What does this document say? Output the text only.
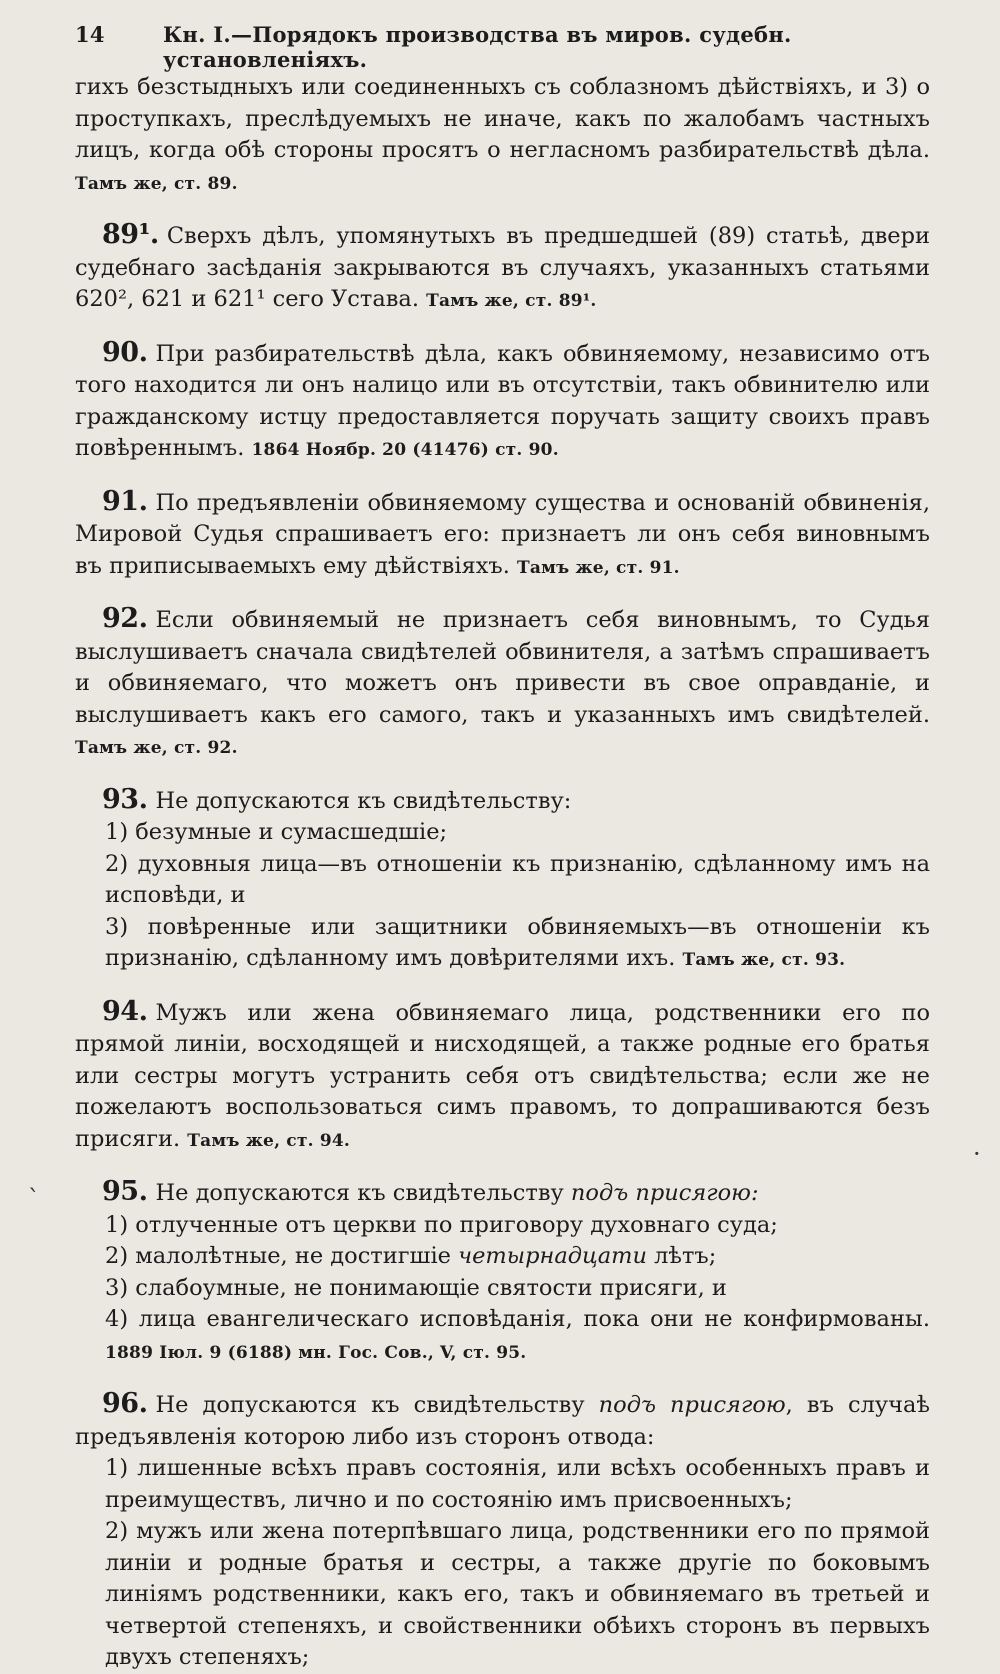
14	Кн. I.—Порядокъ производства въ миров. судебн. установленіяхъ.

гихъ безстыдныхъ или соединенныхъ съ соблазномъ дѣйствіяхъ, и 3) о проступкахъ, преслѣдуемыхъ не иначе, какъ по жалобамъ частныхъ лицъ, когда обѣ стороны просятъ о негласномъ разбирательствѣ дѣла. Тамъ же, ст. 89.

89¹. Сверхъ дѣлъ, упомянутыхъ въ предшедшей (89) статьѣ, двери судебнаго засѣданія закрываются въ случаяхъ, указанныхъ статьями 620², 621 и 621¹ сего Устава. Тамъ же, ст. 89¹.

90. При разбирательствѣ дѣла, какъ обвиняемому, независимо отъ того находится ли онъ налицо или въ отсутствіи, такъ обвинителю или гражданскому истцу предоставляется поручать защиту своихъ правъ повѣреннымъ. 1864 Ноябр. 20 (41476) ст. 90.

91. По предъявленіи обвиняемому существа и основаній обвиненія, Мировой Судья спрашиваетъ его: признаетъ ли онъ себя виновнымъ въ приписываемыхъ ему дѣйствіяхъ. Тамъ же, ст. 91.

92. Если обвиняемый не признаетъ себя виновнымъ, то Судья выслушиваетъ сначала свидѣтелей обвинителя, а затѣмъ спрашиваетъ и обвиняемаго, что можетъ онъ привести въ свое оправданіе, и выслушиваетъ какъ его самого, такъ и указанныхъ имъ свидѣтелей. Тамъ же, ст. 92.

93. Не допускаются къ свидѣтельству:

1) безумные и сумасшедшіе;

2) духовныя лица—въ отношеніи къ признанію, сдѣланному имъ на исповѣди, и

3) повѣренные или защитники обвиняемыхъ—въ отношеніи къ признанію, сдѣланному имъ довѣрителями ихъ. Тамъ же, ст. 93.

94. Мужъ или жена обвиняемаго лица, родственники его по прямой линіи, восходящей и нисходящей, а также родные его братья или сестры могутъ устранить себя отъ свидѣтельства; если же не пожелаютъ воспользоваться симъ правомъ, то допрашиваются безъ присяги. Тамъ же, ст. 94.

95. Не допускаются къ свидѣтельству подъ присягою:

1) отлученные отъ церкви по приговору духовнаго суда;

2) малолѣтные, не достигшіе четырнадцати лѣтъ;

3) слабоумные, не понимающіе святости присяги, и

4) лица евангелическаго исповѣданія, пока они не конфирмованы. 1889 Іюл. 9 (6188) мн. Гос. Сов., V, ст. 95.

96. Не допускаются къ свидѣтельству подъ присягою, въ случаѣ предъявленія которою либо изъ сторонъ отвода:

1) лишенные всѣхъ правъ состоянія, или всѣхъ особенныхъ правъ и преимуществъ, лично и по состоянію имъ присвоенныхъ;

2) мужъ или жена потерпѣвшаго лица, родственники его по прямой линіи и родные братья и сестры, а также другіе по боковымъ линіямъ родственники, какъ его, такъ и обвиняемаго въ третьей и четвертой степеняхъ, и свойственники обѣихъ сторонъ въ первыхъ двухъ степеняхъ;

·
ˋ
